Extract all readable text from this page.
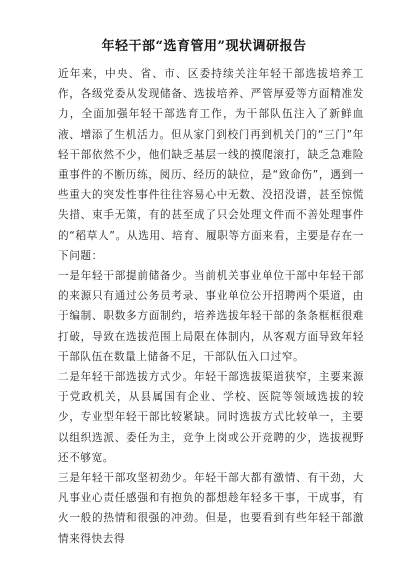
年轻干部“选育管用”现状调研报告

近年来，中央、省、市、区委持续关注年轻干部选拔培养工作，各级党委从发现储备、选拔培养、严管厚爱等方面精准发力，全面加强年轻干部选育工作，为干部队伍注入了新鲜血液、增添了生机活力。但从家门到校门再到机关门的“三门”年轻干部依然不少，他们缺乏基层一线的摸爬滚打，缺乏急难险重事件的不断历练，阅历、经历的缺位，是“致命伤”，遇到一些重大的突发性事件往往容易心中无数、没招没谱，甚至惊慌失措、束手无策，有的甚至成了只会处理文件而不善处理事件的“稻草人”。从选用、培育、履职等方面来看，主要是存在一下问题：

一是年轻干部提前储备少。当前机关事业单位干部中年轻干部的来源只有通过公务员考录、事业单位公开招聘两个渠道，由于编制、职数多方面制约，培养选拔年轻干部的条条框框很难打破，导致在选拔范围上局限在体制内，从客观方面导致年轻干部队伍在数量上储备不足，干部队伍入口过窄。

二是年轻干部选拔方式少。年轻干部选拔渠道狭窄，主要来源于党政机关，从县属国有企业、学校、医院等领域选拔的较少，专业型年轻干部比较紧缺。同时选拔方式比较单一，主要以组织选派、委任为主，竞争上岗或公开竞聘的少，选拔视野还不够宽。

三是年轻干部攻坚初劲少。年轻干部大都有激情、有干劲，大凡事业心责任感强和有抱负的都想趁年轻多干事，干成事，有火一般的热情和很强的冲劲。但是，也要看到有些年轻干部激情来得快去得
